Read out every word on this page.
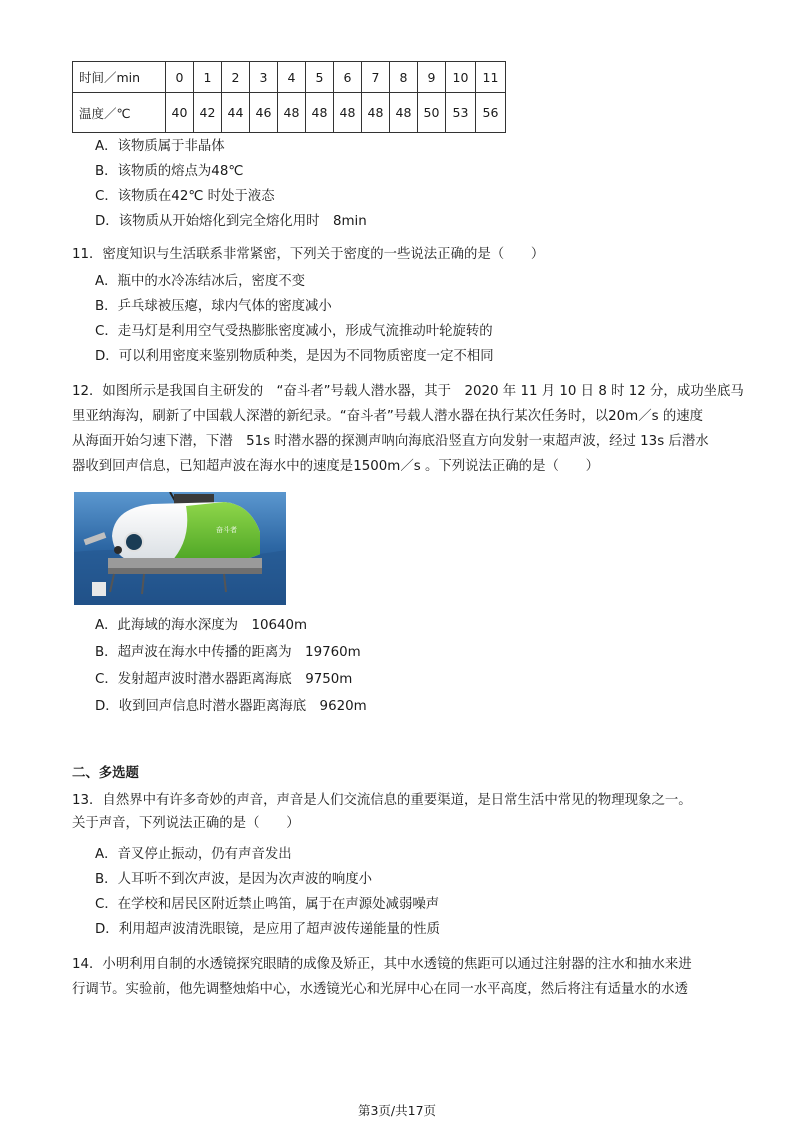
时间／min	0	1	2	3	4	5	6	7	8	9	10	11
温度／℃	40	42	44	46	48	48	48	48	48	50	53	56
A．该物质属于非晶体
B．该物质的熔点为48℃
C．该物质在42℃ 时处于液态
D．该物质从开始熔化到完全熔化用时　8min
11．密度知识与生活联系非常紧密，下列关于密度的一些说法正确的是（　　）
A．瓶中的水冷冻结冰后，密度不变
B．乒乓球被压瘪，球内气体的密度减小
C．走马灯是利用空气受热膨胀密度减小，形成气流推动叶轮旋转的
D．可以利用密度来鉴别物质种类，是因为不同物质密度一定不相同
12．如图所示是我国自主研发的　“奋斗者”号载人潜水器，其于　2020 年 11 月 10 日 8 时 12 分，成功坐底马
里亚纳海沟，刷新了中国载人深潜的新纪录。“奋斗者”号载人潜水器在执行某次任务时，以20m／s 的速度
从海面开始匀速下潜，下潜　51s 时潜水器的探测声呐向海底沿竖直方向发射一束超声波，经过 13s 后潜水
器收到回声信息，已知超声波在海水中的速度是1500m／s 。下列说法正确的是（　　）
奋斗者
A．此海域的海水深度为　10640m
B．超声波在海水中传播的距离为　19760m
C．发射超声波时潜水器距离海底　9750m
D．收到回声信息时潜水器距离海底　9620m
二、多选题
13．自然界中有许多奇妙的声音，声音是人们交流信息的重要渠道，是日常生活中常见的物理现象之一。
关于声音，下列说法正确的是（　　）
A．音叉停止振动，仍有声音发出
B．人耳听不到次声波，是因为次声波的响度小
C．在学校和居民区附近禁止鸣笛，属于在声源处减弱噪声
D．利用超声波清洗眼镜，是应用了超声波传递能量的性质
14．小明利用自制的水透镜探究眼睛的成像及矫正，其中水透镜的焦距可以通过注射器的注水和抽水来进
行调节。实验前，他先调整烛焰中心，水透镜光心和光屏中心在同一水平高度，然后将注有适量水的水透
第3页/共17页
